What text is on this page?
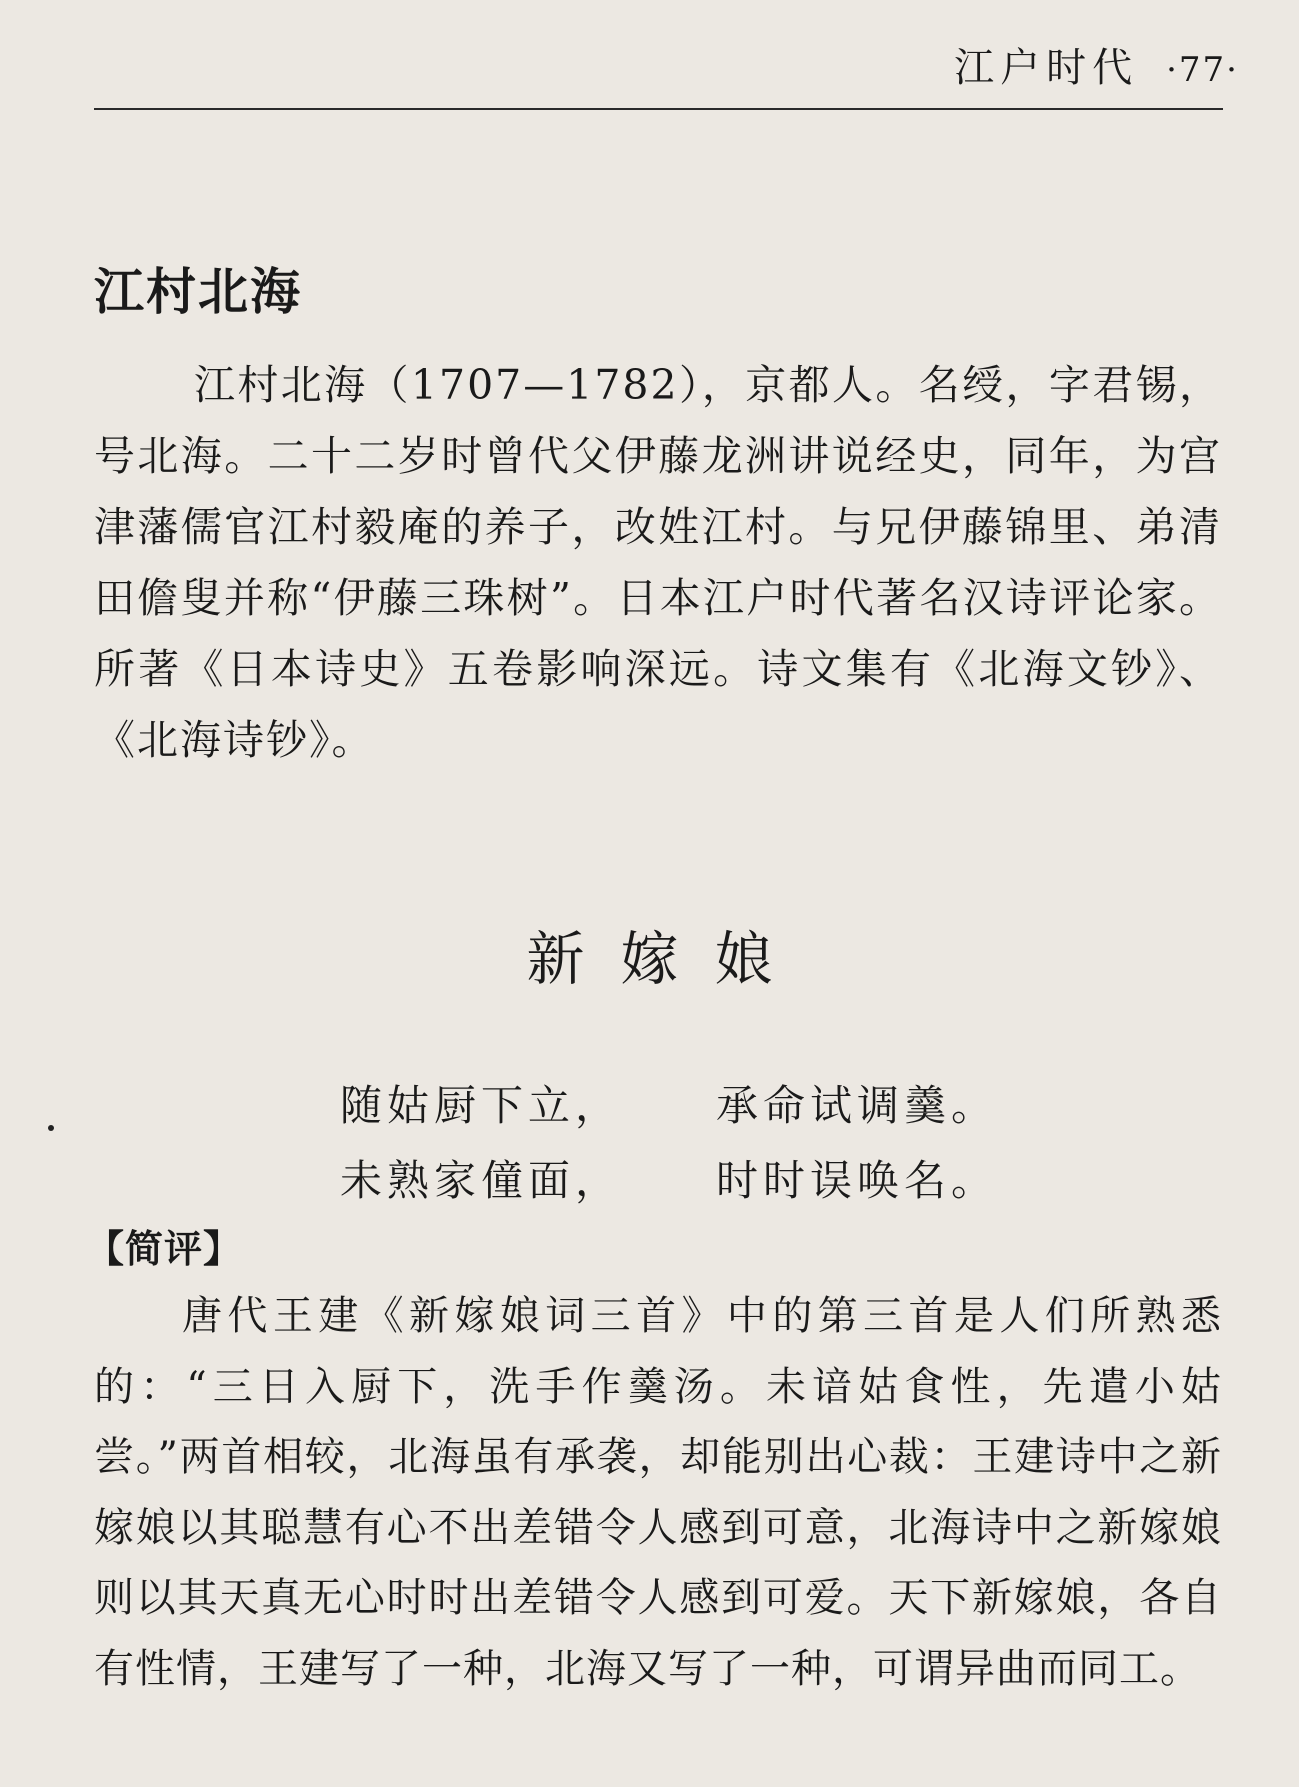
江户时代 ·77·
江村北海

江村北海（1707—1782），京都人。名绶，字君锡，号北海。二十二岁时曾代父伊藤龙洲讲说经史，同年，为宫津藩儒官江村毅庵的养子，改姓江村。与兄伊藤锦里、弟清田儋叟并称“伊藤三珠树”。日本江户时代著名汉诗评论家。所著《日本诗史》五卷影响深远。诗文集有《北海文钞》、《北海诗钞》。

新嫁娘
随姑厨下立， 承命试调羹。
未熟家僮面， 时时误唤名。
【简评】

唐代王建《新嫁娘词三首》中的第三首是人们所熟悉的：“三日入厨下，洗手作羹汤。未谙姑食性，先遣小姑尝。”两首相较，北海虽有承袭，却能别出心裁：王建诗中之新嫁娘以其聪慧有心不出差错令人感到可意，北海诗中之新嫁娘则以其天真无心时时出差错令人感到可爱。天下新嫁娘，各自有性情，王建写了一种，北海又写了一种，可谓异曲而同工。
